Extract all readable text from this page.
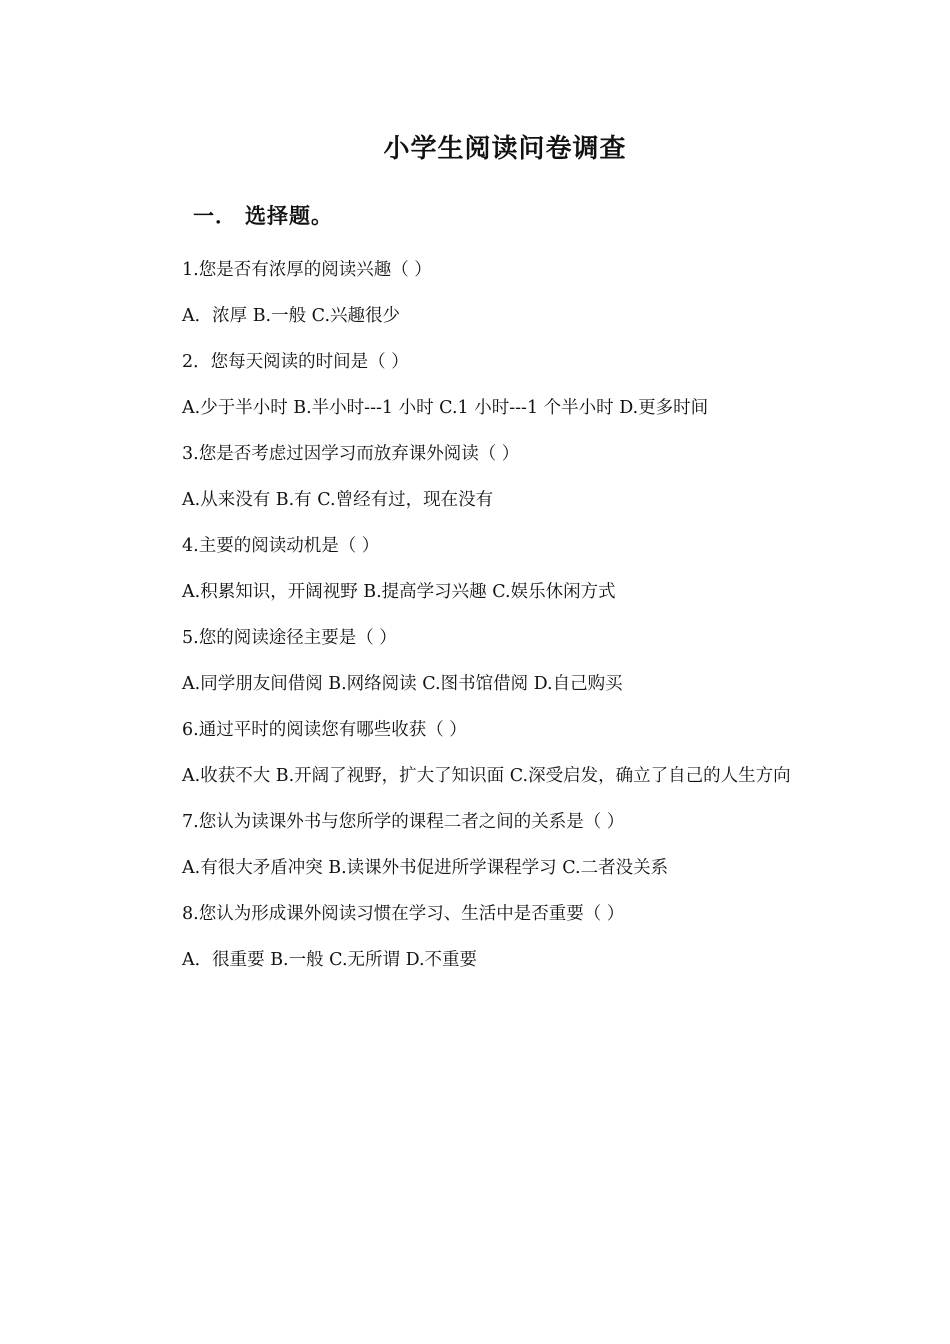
小学生阅读问卷调查
一． 选择题。
1.您是否有浓厚的阅读兴趣（ ）
A．浓厚 B.一般 C.兴趣很少
2．您每天阅读的时间是（ ）
A.少于半小时 B.半小时---1 小时 C.1 小时---1 个半小时 D.更多时间
3.您是否考虑过因学习而放弃课外阅读（ ）
A.从来没有 B.有 C.曾经有过，现在没有
4.主要的阅读动机是（ ）
A.积累知识，开阔视野 B.提高学习兴趣 C.娱乐休闲方式
5.您的阅读途径主要是（ ）
A.同学朋友间借阅 B.网络阅读 C.图书馆借阅 D.自己购买
6.通过平时的阅读您有哪些收获（ ）
A.收获不大 B.开阔了视野，扩大了知识面 C.深受启发，确立了自己的人生方向
7.您认为读课外书与您所学的课程二者之间的关系是（ ）
A.有很大矛盾冲突 B.读课外书促进所学课程学习 C.二者没关系
8.您认为形成课外阅读习惯在学习、生活中是否重要（ ）
A．很重要 B.一般 C.无所谓 D.不重要
